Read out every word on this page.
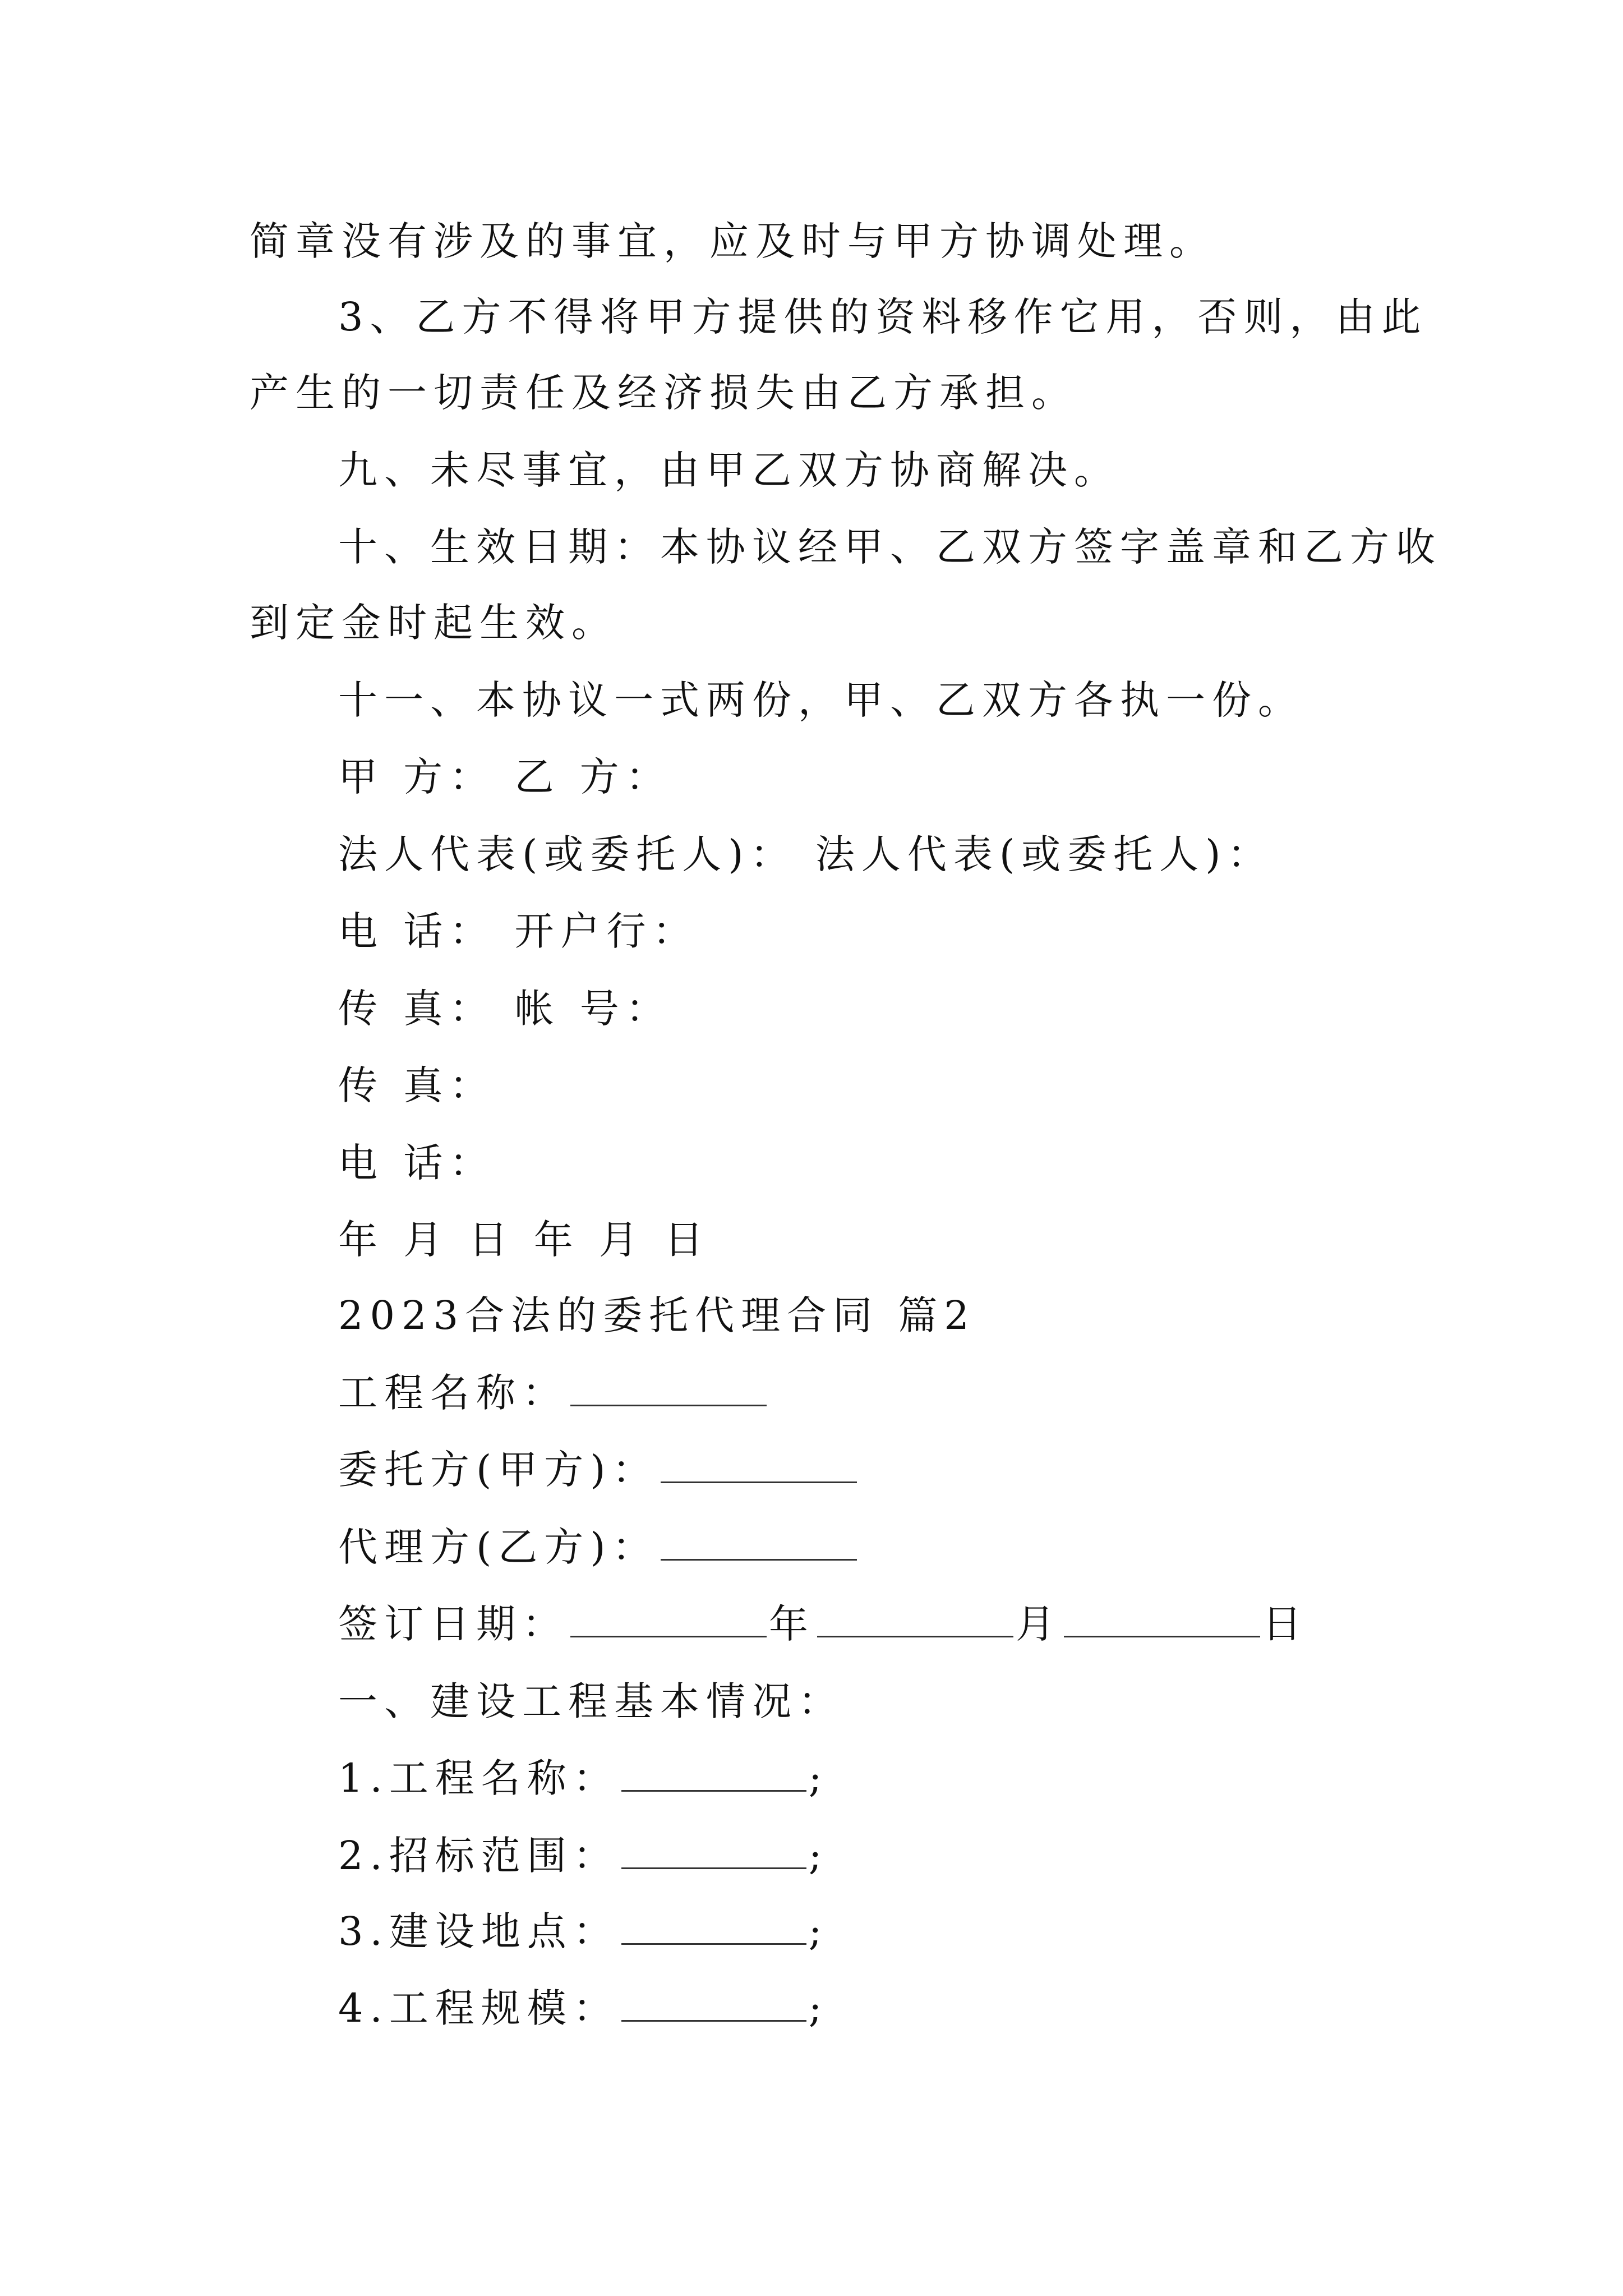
简章没有涉及的事宜，应及时与甲方协调处理。
3、乙方不得将甲方提供的资料移作它用，否则，由此
产生的一切责任及经济损失由乙方承担。
九、未尽事宜，由甲乙双方协商解决。
十、生效日期：本协议经甲、乙双方签字盖章和乙方收
到定金时起生效。
十一、本协议一式两份，甲、乙双方各执一份。
甲 方： 乙 方：
法人代表(或委托人)： 法人代表(或委托人)：
电 话： 开户行：
传 真： 帐 号：
传 真：
电 话：
年 月 日 年 月 日
2023合法的委托代理合同 篇2
工程名称：
委托方(甲方)：
代理方(乙方)：
签订日期：	年	月	日
一、建设工程基本情况：
1.工程名称：	;
2.招标范围：	;
3.建设地点：	;
4.工程规模：	;
